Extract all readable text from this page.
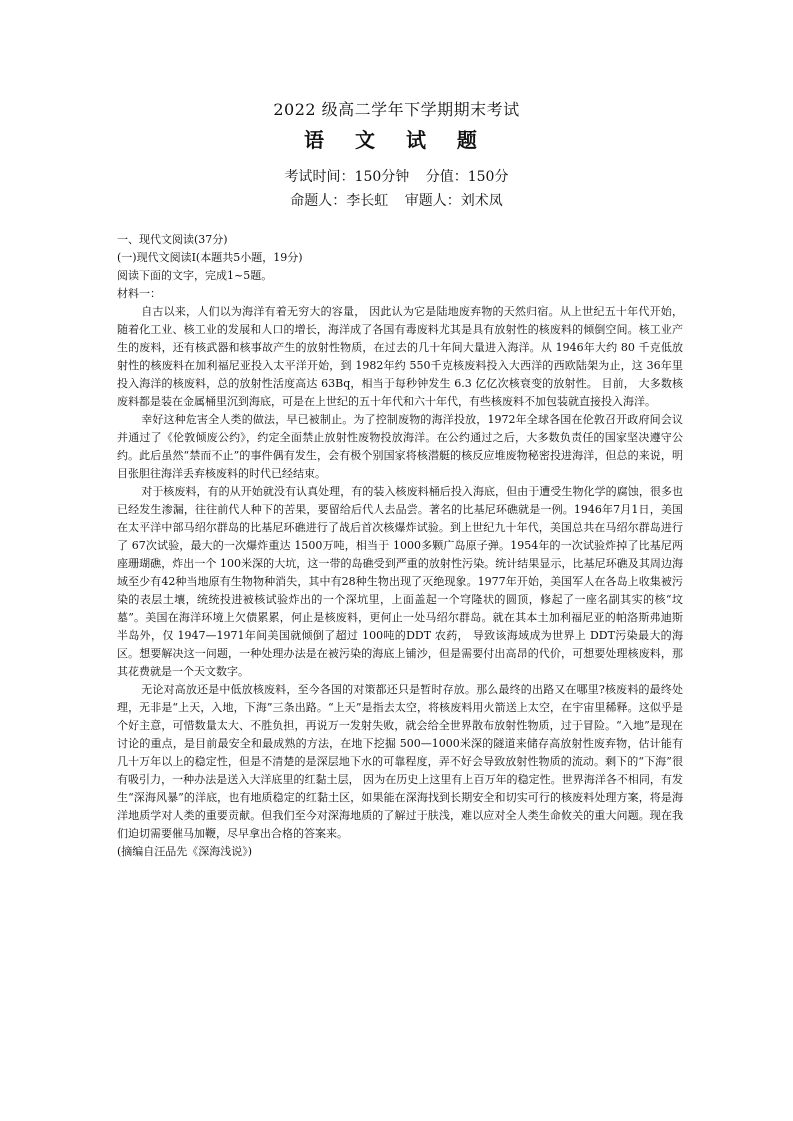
2022 级高二学年下学期期末考试
语 文 试 题
考试时间：150分钟 分值：150分
命题人：李长虹 审题人：刘术凤

一、现代文阅读(37分)

(一)现代文阅读Ⅰ(本题共5小题，19分)

阅读下面的文字，完成1~5题。

材料一：

自古以来，人们以为海洋有着无穷大的容量， 因此认为它是陆地废弃物的天然归宿。从上世纪五十年代开始， 随着化工业、核工业的发展和人口的增长，海洋成了各国有毒废料尤其是具有放射性的核废料的倾倒空间。核工业产生的废料，还有核武器和核事故产生的放射性物质，在过去的几十年间大量进入海洋。从 1946年大约 80 千克低放射性的核废料在加利福尼亚投入太平洋开始，到 1982年约 550千克核废料投入大西洋的西欧陆架为止，这 36年里投入海洋的核废料，总的放射性活度高达 63Bq，相当于每秒钟发生 6.3 亿亿次核衰变的放射性。 目前， 大多数核废料都是装在金属桶里沉到海底，可是在上世纪的五十年代和六十年代，有些核废料不加包装就直接投入海洋。

幸好这种危害全人类的做法，早已被制止。为了控制废物的海洋投放，1972年全球各国在伦敦召开政府间会议并通过了《伦敦倾废公约》，约定全面禁止放射性废物投放海洋。在公约通过之后，大多数负责任的国家坚决遵守公约。此后虽然“禁而不止”的事件偶有发生，会有极个别国家将核潜艇的核反应堆废物秘密投进海洋，但总的来说，明目张胆往海洋丢弃核废料的时代已经结束。

对于核废料，有的从开始就没有认真处理，有的装入核废料桶后投入海底，但由于遭受生物化学的腐蚀，很多也已经发生渗漏，往往前代人种下的苦果，要留给后代人去品尝。著名的比基尼环礁就是一例。1946年7月1日，美国在太平洋中部马绍尔群岛的比基尼环礁进行了战后首次核爆炸试验。到上世纪九十年代，美国总共在马绍尔群岛进行了 67次试验，最大的一次爆炸重达 1500万吨，相当于 1000多颗广岛原子弹。1954年的一次试验炸掉了比基尼两座珊瑚礁，炸出一个 100米深的大坑，这一带的岛礁受到严重的放射性污染。统计结果显示，比基尼环礁及其周边海域至少有42种当地原有生物物种消失，其中有28种生物出现了灭绝现象。1977年开始，美国军人在各岛上收集被污染的表层土壤，统统投进被核试验炸出的一个深坑里，上面盖起一个穹隆状的圆顶，修起了一座名副其实的核“坟墓”。美国在海洋环境上欠债累累，何止是核废料，更何止一处马绍尔群岛。就在其本土加利福尼亚的帕洛斯弗迪斯半岛外，仅 1947—1971年间美国就倾倒了超过 100吨的DDT 农药， 导致该海域成为世界上 DDT污染最大的海区。想要解决这一问题，一种处理办法是在被污染的海底上铺沙，但是需要付出高昂的代价，可想要处理核废料，那其花费就是一个天文数字。

无论对高放还是中低放核废料，至今各国的对策都还只是暂时存放。那么最终的出路又在哪里?核废料的最终处理，无非是“上天，入地，下海”三条出路。“上天”是指去太空，将核废料用火箭送上太空，在宇宙里稀释。这似乎是个好主意，可惜数量太大、不胜负担，再说万一发射失败，就会给全世界散布放射性物质，过于冒险。“入地”是现在讨论的重点，是目前最安全和最成熟的方法，在地下挖掘 500—1000米深的隧道来储存高放射性废弃物，估计能有几十万年以上的稳定性，但是不清楚的是深层地下水的可靠程度，弄不好会导致放射性物质的流动。剩下的“下海”很有吸引力，一种办法是送入大洋底里的红黏土层， 因为在历史上这里有上百万年的稳定性。世界海洋各不相同，有发生“深海风暴”的洋底，也有地质稳定的红黏土区，如果能在深海找到长期安全和切实可行的核废料处理方案，将是海洋地质学对人类的重要贡献。但我们至今对深海地质的了解过于肤浅，难以应对全人类生命攸关的重大问题。现在我们迫切需要催马加鞭，尽早拿出合格的答案来。

(摘编自汪品先《深海浅说》)
